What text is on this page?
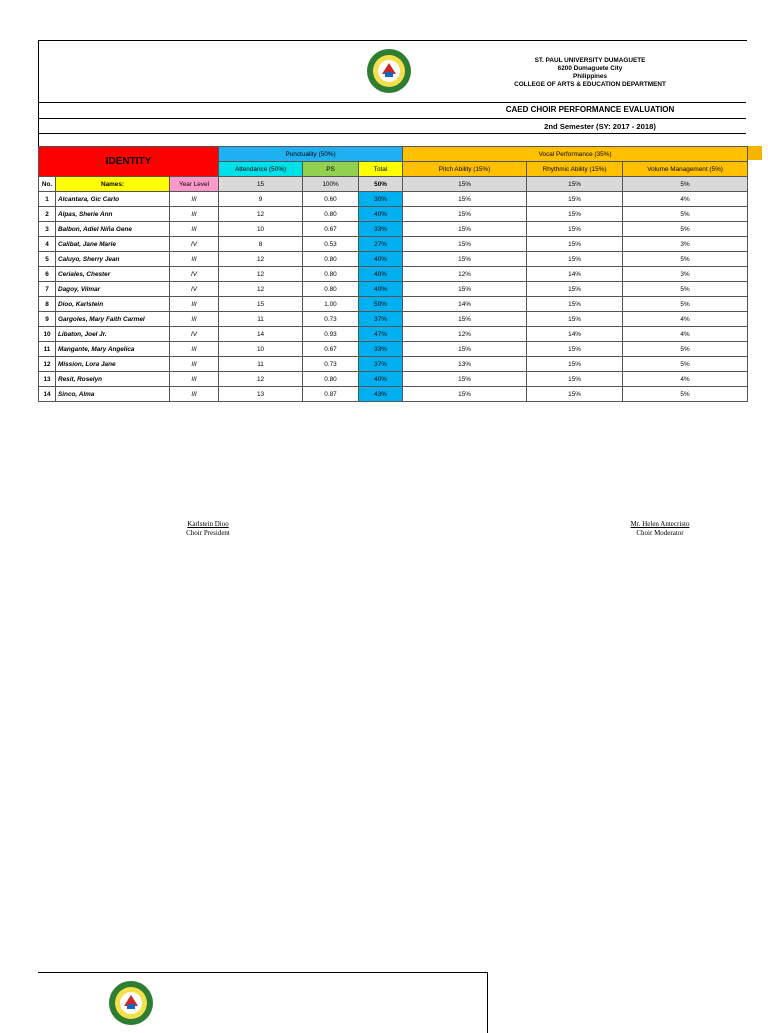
ST. PAUL UNIVERSITY DUMAGUETE
6200 Dumaguete City
Philippines
COLLEGE OF ARTS & EDUCATION DEPARTMENT
CAED CHOIR PERFORMANCE EVALUATION
2nd Semester (SY: 2017 - 2018)
IDENTITY			Punctuality (50%)			Vocal Performance (35%)		
			Attendance (50%)	PS	Total	Pitch Ability (15%)	Rhythmic Ability (15%)	Volume Management (5%)
No.	Names:	Year Level	15	100%	50%	15%	15%	5%
1	Alcantara, Gic Carlo	III	9	0.60	30%	15%	15%	4%
2	Alpas, Sherie Ann	III	12	0.80	40%	15%	15%	5%
3	Balbon, Adiel Niña Gene	III	10	0.67	33%	15%	15%	5%
4	Calibat, Jane Marie	IV	8	0.53	27%	15%	15%	3%
5	Caluyo, Sherry Jean	III	12	0.80	40%	15%	15%	5%
6	Ceriales, Chester	IV	12	0.80	40%	12%	14%	3%
7	Dagoy, Vilmar	IV	12	0.80	40%	15%	15%	5%
8	Dioo, Karlstein	III	15	1.00	50%	14%	15%	5%
9	Gargoles, Mary Faith Carmel	III	11	0.73	37%	15%	15%	4%
10	Libaton, Joel Jr.	IV	14	0.93	47%	12%	14%	4%
11	Mangante, Mary Angelica	III	10	0.67	33%	15%	15%	5%
12	Mission, Lora Jane	III	11	0.73	37%	13%	15%	5%
13	Resit, Roselyn	III	12	0.80	40%	15%	15%	4%
14	Sinco, Alma	III	13	0.87	43%	15%	15%	5%
Karlstein Dioo
Choir President
Mr. Helen Antecristo
Choir Moderator
